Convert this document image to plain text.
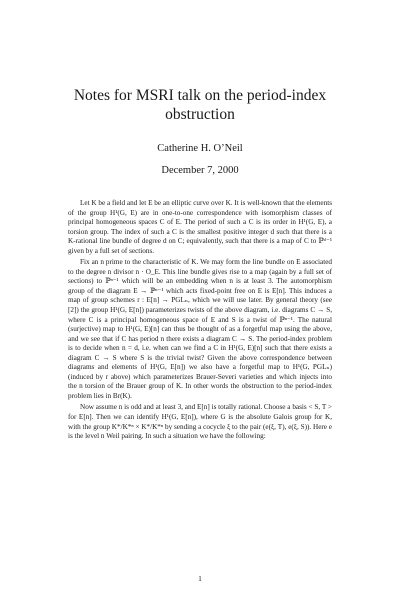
Notes for MSRI talk on the period-index obstruction
Catherine H. O’Neil
December 7, 2000

Let K be a field and let E be an elliptic curve over K. It is well-known that the elements of the group H¹(G, E) are in one-to-one correspondence with isomorphism classes of principal homogeneous spaces C of E. The period of such a C is its order in H¹(G, E), a torsion group. The index of such a C is the smallest positive integer d such that there is a K-rational line bundle of degree d on C; equivalently, such that there is a map of C to ℙᵈ⁻¹ given by a full set of sections.

Fix an n prime to the characteristic of K. We may form the line bundle on E associated to the degree n divisor n · O_E. This line bundle gives rise to a map (again by a full set of sections) to ℙⁿ⁻¹ which will be an embedding when n is at least 3. The automorphism group of the diagram E → ℙⁿ⁻¹ which acts fixed-point free on E is E[n]. This induces a map of group schemes r : E[n] → PGLₙ, which we will use later. By general theory (see [2]) the group H¹(G, E[n]) parameterizes twists of the above diagram, i.e. diagrams C → S, where C is a principal homogeneous space of E and S is a twist of ℙⁿ⁻¹. The natural (surjective) map to H¹(G, E)[n] can thus be thought of as a forgetful map using the above, and we see that if C has period n there exists a diagram C → S. The period-index problem is to decide when n = d, i.e. when can we find a C in H¹(G, E)[n] such that there exists a diagram C → S where S is the trivial twist? Given the above correspondence between diagrams and elements of H¹(G, E[n]) we also have a forgetful map to H¹(G, PGLₙ) (induced by r above) which parameterizes Brauer-Severi varieties and which injects into the n torsion of the Brauer group of K. In other words the obstruction to the period-index problem lies in Br(K).

Now assume n is odd and at least 3, and E[n] is totally rational. Choose a basis < S, T > for E[n]. Then we can identify H¹(G, E[n]), where G is the absolute Galois group for K, with the group K*/K*ⁿ × K*/K*ⁿ by sending a cocycle ξ to the pair (e(ξ, T), e(ξ, S)). Here e is the level n Weil pairing. In such a situation we have the following:

1
